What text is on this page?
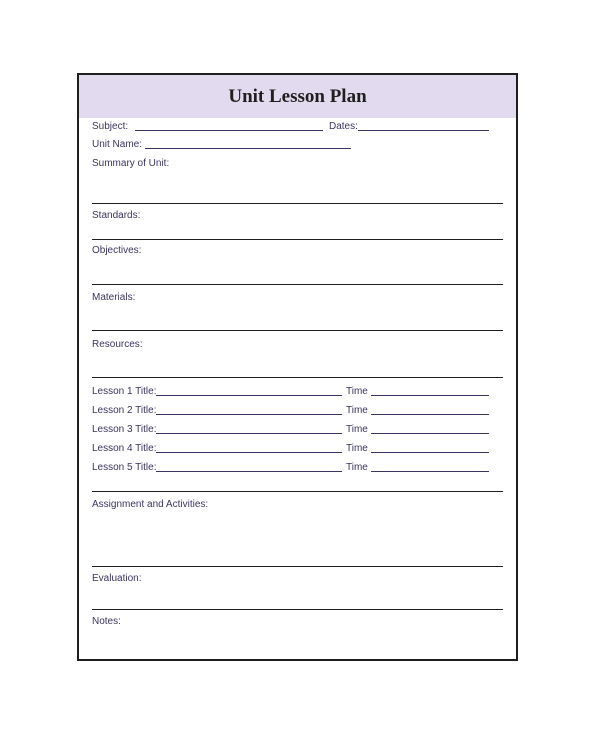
Unit Lesson Plan
Subject:	Dates:
Unit Name:
Summary of Unit:
Standards:
Objectives:
Materials:
Resources:
Lesson 1 Title:	Time
Lesson 2 Title:	Time
Lesson 3 Title:	Time
Lesson 4 Title:	Time
Lesson 5 Title:	Time
Assignment and Activities:
Evaluation:
Notes:
